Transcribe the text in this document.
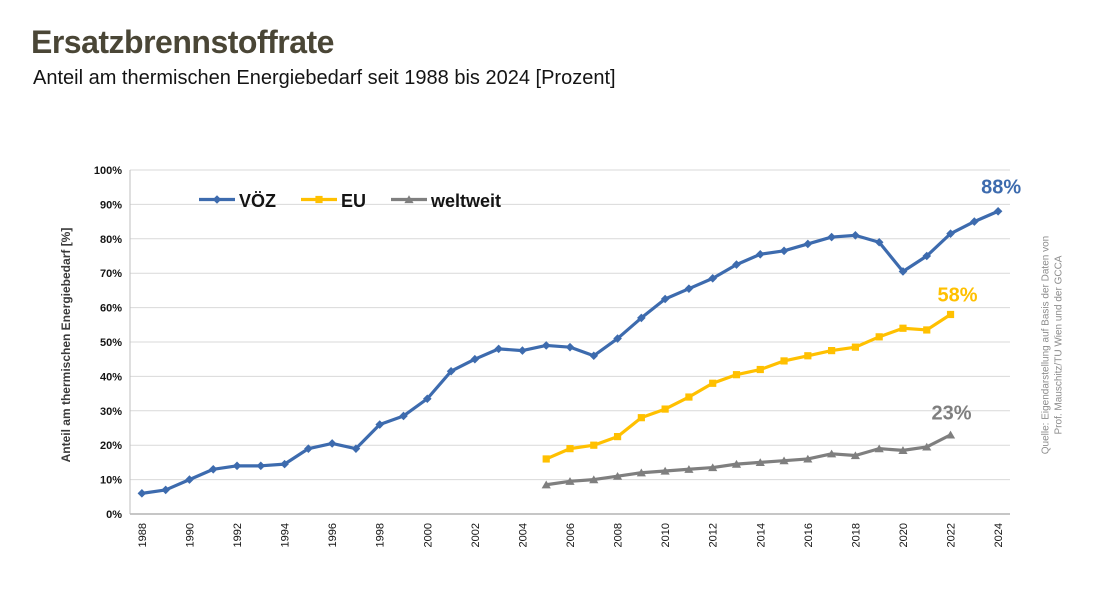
Ersatzbrennstoffrate
Anteil am thermischen Energiebedarf seit 1988 bis 2024 [Prozent]
Anteil am thermischen Energiebedarf [%]
0%
10%
20%
30%
40%
50%
60%
70%
80%
90%
100%
1988	1990	1992	1994	1996	1998	2000	2002	2004	2006	2008	2010	2012	2014	2016	2018	2020	2022	2024
VÖZ	EU	weltweit
88%
58%
23%	Quelle: Eigendarstellung auf Basis der Daten von Prof. Mauschitz/TU Wien und der GCCA
